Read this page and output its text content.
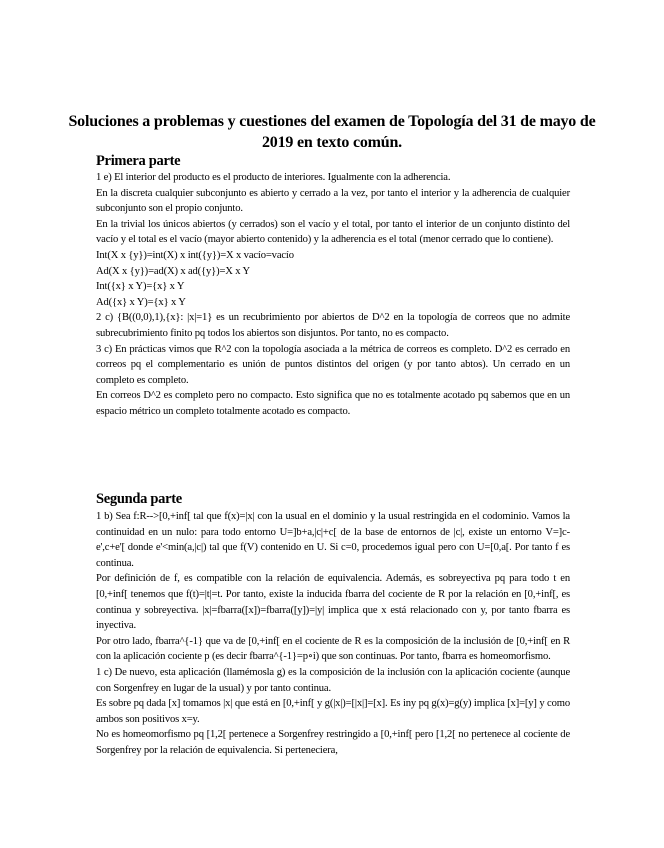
Soluciones a problemas y cuestiones del examen de Topología del 31 de mayo de 2019 en texto común.
Primera parte

1 e) El interior del producto es el producto de interiores. Igualmente con la adherencia.

En la discreta cualquier subconjunto es abierto y cerrado a la vez, por tanto el interior y la adherencia de cualquier subconjunto son el propio conjunto.

En la trivial los únicos abiertos (y cerrados) son el vacío y el total, por tanto el interior de un conjunto distinto del vacío y el total es el vacío (mayor abierto contenido) y la adherencia es el total (menor cerrado que lo contiene).

Int(X x {y})=int(X) x int({y})=X x vacío=vacío

Ad(X x {y})=ad(X) x ad({y})=X x Y

Int({x} x Y)={x} x Y

Ad({x} x Y)={x} x Y

2 c) {B((0,0),1),{x}: |x|=1} es un recubrimiento por abiertos de D^2 en la topología de correos que no admite subrecubrimiento finito pq todos los abiertos son disjuntos. Por tanto, no es compacto.

3 c) En prácticas vimos que R^2 con la topología asociada a la métrica de correos es completo. D^2 es cerrado en correos pq el complementario es unión de puntos distintos del origen (y por tanto abtos). Un cerrado en un completo es completo.

En correos D^2 es completo pero no compacto. Esto significa que no es totalmente acotado pq sabemos que en un espacio métrico un completo totalmente acotado es compacto.

Segunda parte

1 b) Sea f:R-->[0,+inf[ tal que f(x)=|x| con la usual en el dominio y la usual restringida en el codominio. Vamos la continuidad en un nulo: para todo entorno U=]b+a,|c|+c[ de la base de entornos de |c|, existe un entorno V=]c-e',c+e'[ donde e'<min(a,|c|) tal que f(V) contenido en U. Si c=0, procedemos igual pero con U=[0,a[. Por tanto f es continua.

Por definición de f, es compatible con la relación de equivalencia. Además, es sobreyectiva pq para todo t en [0,+inf[ tenemos que f(t)=|t|=t. Por tanto, existe la inducida fbarra del cociente de R por la relación en [0,+inf[, es continua y sobreyectiva. |x|=fbarra([x])=fbarra([y])=|y| implica que x está relacionado con y, por tanto fbarra es inyectiva.

Por otro lado, fbarra^{-1} que va de [0,+inf[ en el cociente de R es la composición de la inclusión de [0,+inf[ en R con la aplicación cociente p (es decir fbarra^{-1}=p∘i) que son continuas. Por tanto, fbarra es homeomorfismo.

1 c) De nuevo, esta aplicación (llamémosla g) es la composición de la inclusión con la aplicación cociente (aunque con Sorgenfrey en lugar de la usual) y por tanto continua.

Es sobre pq dada [x] tomamos |x| que está en [0,+inf[ y g(|x|)=[|x|]=[x]. Es iny pq g(x)=g(y) implica [x]=[y] y como ambos son positivos x=y.

No es homeomorfismo pq [1,2[ pertenece a Sorgenfrey restringido a [0,+inf[ pero [1,2[ no pertenece al cociente de Sorgenfrey por la relación de equivalencia. Si perteneciera,
